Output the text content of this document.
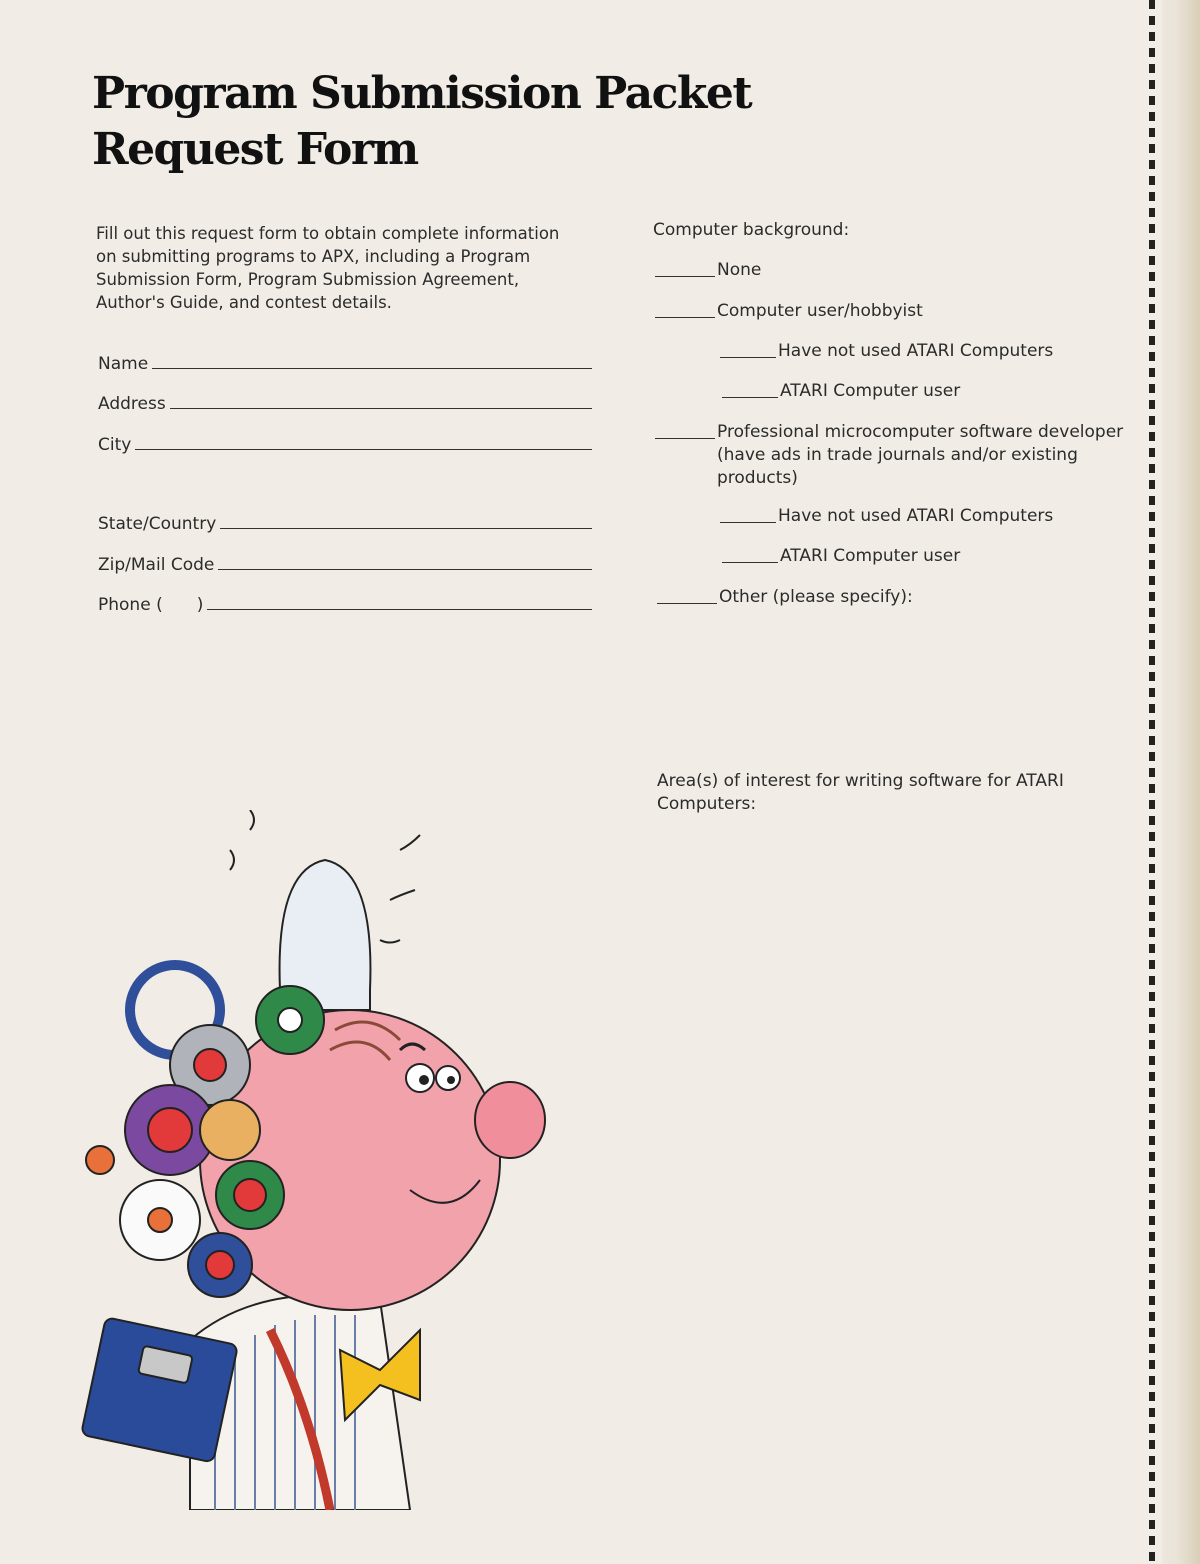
Program Submission Packet
Request Form

Fill out this request form to obtain complete information on submitting programs to APX, including a Program Submission Form, Program Submission Agreement, Author's Guide, and contest details.

Name
Address
City
State/Country
Zip/Mail Code
Phone ( )

Computer background:

None
Computer user/hobbyist
Have not used ATARI Computers
ATARI Computer user
Professional microcomputer software developer (have ads in trade journals and/or existing products)
Have not used ATARI Computers
ATARI Computer user
Other (please specify):

Area(s) of interest for writing software for ATARI Computers:
